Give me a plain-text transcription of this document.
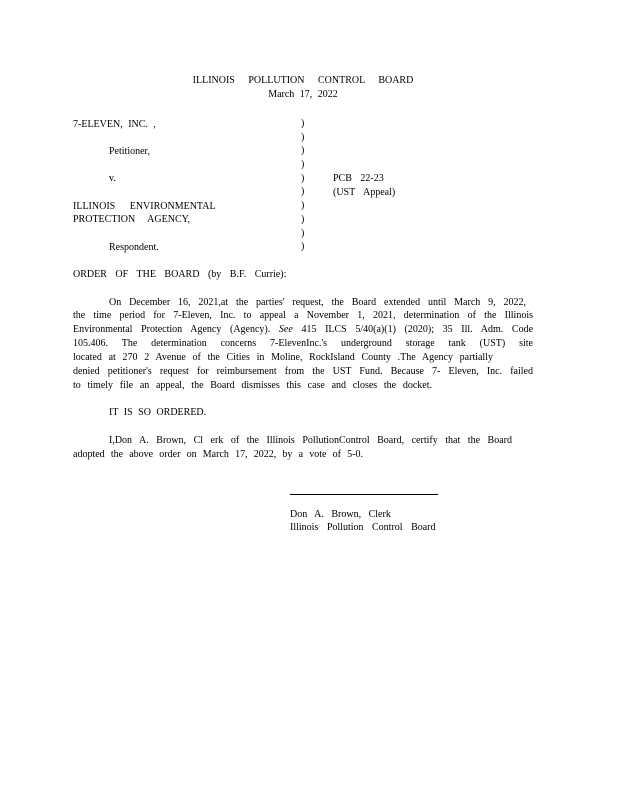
ILLINOIS POLLUTION CONTROL BOARD
March 17, 2022
7-ELEVEN, INC. ,
Petitioner,
v.
ILLINOIS ENVIRONMENTAL
PROTECTION AGENCY,
Respondent.
)
)
)
)
)
)
)
)
)
)
PCB 22-23
(UST Appeal)
ORDER OF THE BOARD (by B.F. Currie):
On December 16, 2021,at the parties' request, the Board extended until March 9, 2022,
the time period for 7-Eleven, Inc. to appeal a November 1, 2021, determination of the Illinois
Environmental Protection Agency (Agency). See 415 ILCS 5/40(a)(1) (2020); 35 Ill. Adm. Code
105.406. The determination concerns 7-ElevenInc.'s underground storage tank (UST) site
located at 270 2 Avenue of the Cities in Moline, RockIsland County .The Agency partially
denied petitioner's request for reimbursement from the UST Fund. Because 7- Eleven, Inc. failed
to timely file an appeal, the Board dismisses this case and closes the docket.
IT IS SO ORDERED.
I,Don A. Brown, Cl erk of the Illinois PollutionControl Board, certify that the Board
adopted the above order on March 17, 2022, by a vote of 5-0.
Don A. Brown, Clerk
Illinois Pollution Control Board
